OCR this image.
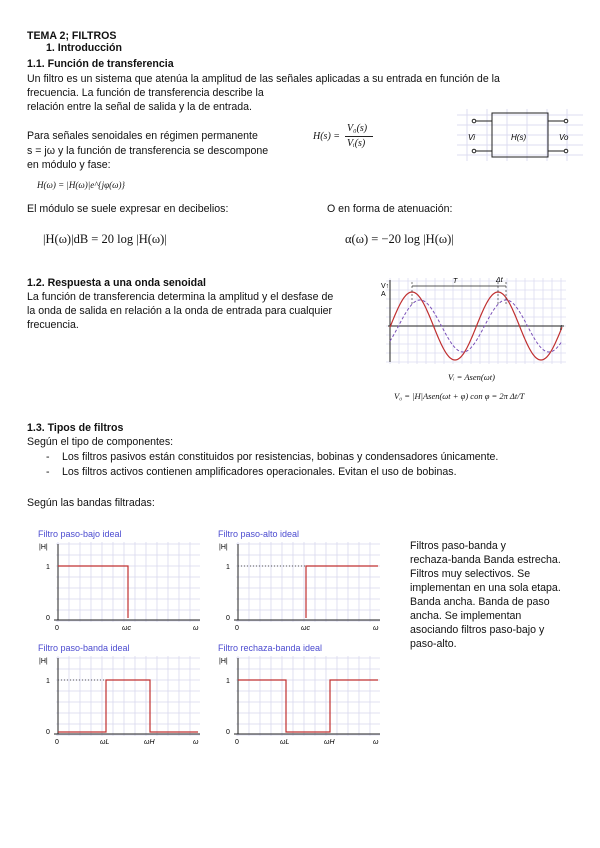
TEMA 2; FILTROS
1. Introducción
1.1. Función de transferencia
Un filtro es un sistema que atenúa la amplitud de las señales aplicadas a su entrada en función de la
frecuencia. La función de transferencia describe la
relación entre la señal de salida y la de entrada.
Para señales senoidales en régimen permanente
s = jω y la función de transferencia se descompone
en módulo y fase:
H(s) =
V₀(s)
Vᵢ(s)
Vi	H(s)	Vo
H(ω) = |H(ω)|e^{jφ(ω)}
El módulo se suele expresar en decibelios:	O en forma de atenuación:
|H(ω)|dB = 20 log |H(ω)|	α(ω) = −20 log |H(ω)|
1.2. Respuesta a una onda senoidal
La función de transferencia determina la amplitud y el desfase de
la onda de salida en relación a la onda de entrada para cualquier
frecuencia.
V↑
A
T	Δt
t
Vᵢ = Asen(ωt)
V₀ = |H|Asen(ωt + φ) con φ = 2π Δt/T
1.3. Tipos de filtros
Según el tipo de componentes:
-	Los filtros pasivos están constituidos por resistencias, bobinas y condensadores únicamente.
-	Los filtros activos contienen amplificadores operacionales. Evitan el uso de bobinas.
Según las bandas filtradas:
Filtro paso-bajo ideal
|H|
1
0
0	ωc	ω
Filtro paso-alto ideal
|H|
1
0
0	ωc	ω
Filtro paso-banda ideal
|H|
1
0
0	ωL	ωH	ω
Filtro rechaza-banda ideal
|H|
1
0
0	ωL	ωH	ω
Filtros paso-banda y
rechaza-banda Banda estrecha.
Filtros muy selectivos. Se
implementan en una sola etapa.
Banda ancha. Banda de paso
ancha. Se implementan
asociando filtros paso-bajo y
paso-alto.
